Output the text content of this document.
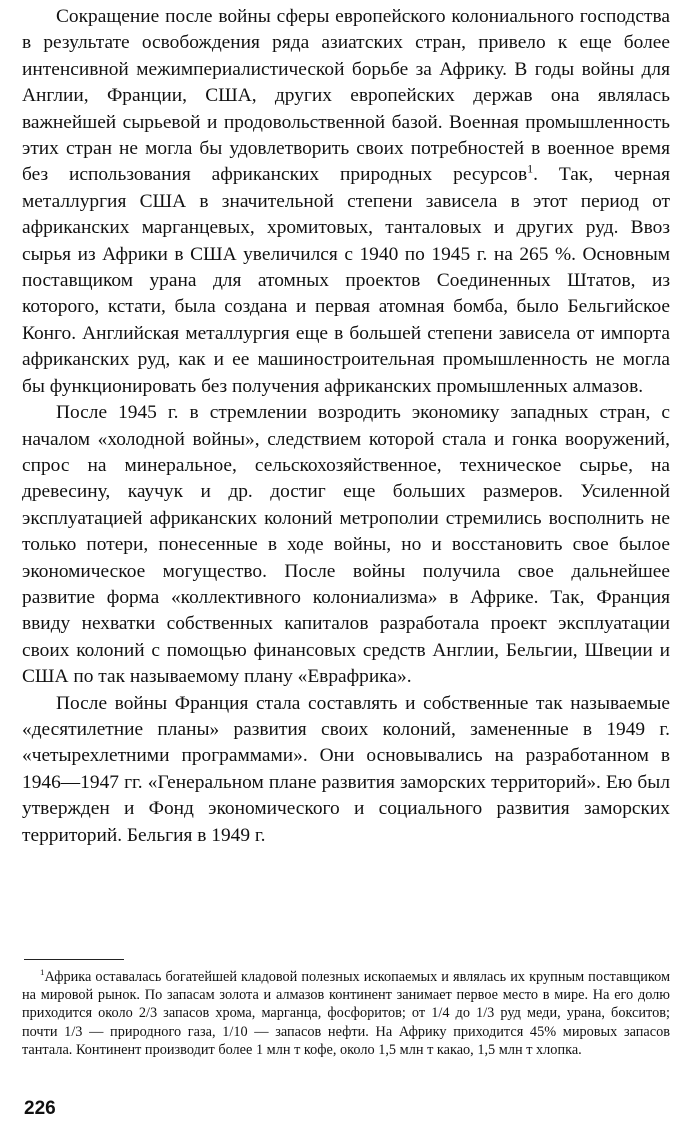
Сокращение после войны сферы европейского колониального господства в результате освобождения ряда азиатских стран, привело к еще более интенсивной межимпериалистической борьбе за Африку. В годы войны для Англии, Франции, США, других европейских держав она являлась важнейшей сырьевой и продовольственной базой. Военная промышленность этих стран не могла бы удовлетворить своих потребностей в военное время без использования африканских природных ресурсов$^1$. Так, черная металлургия США в значительной степени зависела в этот период от африканских марганцевых, хромитовых, танталовых и других руд. Ввоз сырья из Африки в США увеличился с 1940 по 1945 г. на 265 %. Основным поставщиком урана для атомных проектов Соединенных Штатов, из которого, кстати, была создана и первая атомная бомба, было Бельгийское Конго. Английская металлургия еще в большей степени зависела от импорта африканских руд, как и ее машиностроительная промышленность не могла бы функционировать без получения африканских промышленных алмазов.

После 1945 г. в стремлении возродить экономику западных стран, с началом «холодной войны», следствием которой стала и гонка вооружений, спрос на минеральное, сельскохозяйственное, техническое сырье, на древесину, каучук и др. достиг еще больших размеров. Усиленной эксплуатацией африканских колоний метрополии стремились восполнить не только потери, понесенные в ходе войны, но и восстановить свое былое экономическое могущество. После войны получила свое дальнейшее развитие форма «коллективного колониализма» в Африке. Так, Франция ввиду нехватки собственных капиталов разработала проект эксплуатации своих колоний с помощью финансовых средств Англии, Бельгии, Швеции и США по так называемому плану «Еврафрика».

После войны Франция стала составлять и собственные так называемые «десятилетние планы» развития своих колоний, замененные в 1949 г. «четырехлетними программами». Они основывались на разработанном в 1946—1947 гг. «Генеральном плане развития заморских территорий». Ею был утвержден и Фонд экономического и социального развития заморских территорий. Бельгия в 1949 г.

$^1$Африка оставалась богатейшей кладовой полезных ископаемых и являлась их крупным поставщиком на мировой рынок. По запасам золота и алмазов континент занимает первое место в мире. На его долю приходится около 2/3 запасов хрома, марганца, фосфоритов; от 1/4 до 1/3 руд меди, урана, бокситов; почти 1/3 — природного газа, 1/10 — запасов нефти. На Африку приходится 45% мировых запасов тантала. Континент производит более 1 млн т кофе, около 1,5 млн т какао, 1,5 млн т хлопка.

226
